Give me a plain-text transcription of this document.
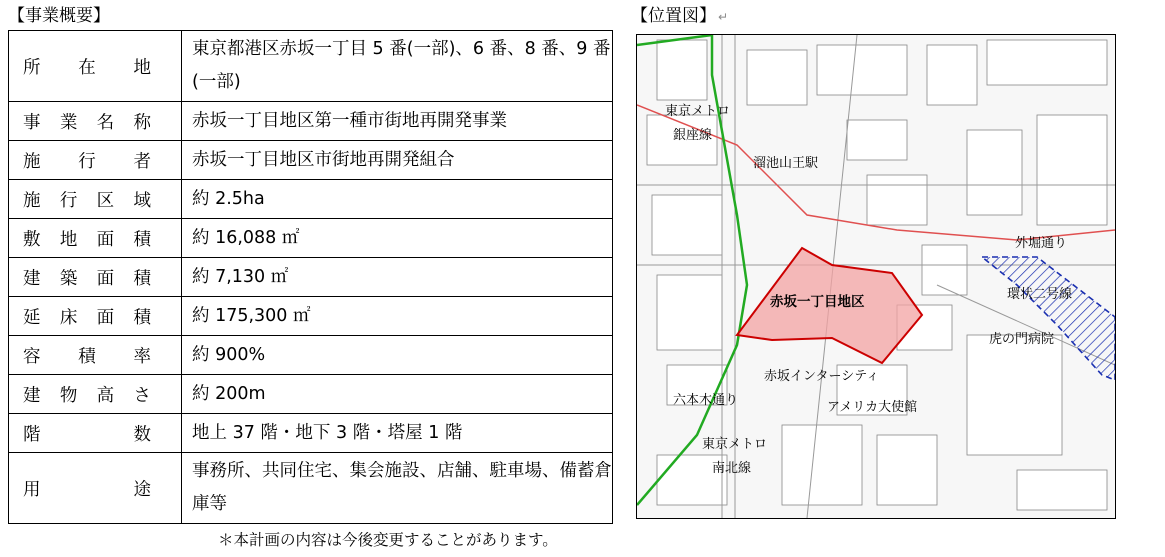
【事業概要】	【位置図】 ↵
所在地	東京都港区赤坂一丁目 5 番(一部)、6 番、8 番、9 番(一部)
事業名称	赤坂一丁目地区第一種市街地再開発事業
施行者	赤坂一丁目地区市街地再開発組合
施行区域	約 2.5ha
敷地面積	約 16,088 ㎡
建築面積	約 7,130 ㎡
延床面積	約 175,300 ㎡
容積率	約 900%
建物高さ	約 200m
階数	地上 37 階・地下 3 階・塔屋 1 階
用途	事務所、共同住宅、集会施設、店舗、駐車場、備蓄倉庫等
＊本計画の内容は今後変更することがあります。
東京メトロ
銀座線
溜池山王駅
外堀通り
赤坂一丁目地区	環状二号線
虎の門病院
赤坂インターシティ
六本木通り	アメリカ大使館
東京メトロ
南北線
